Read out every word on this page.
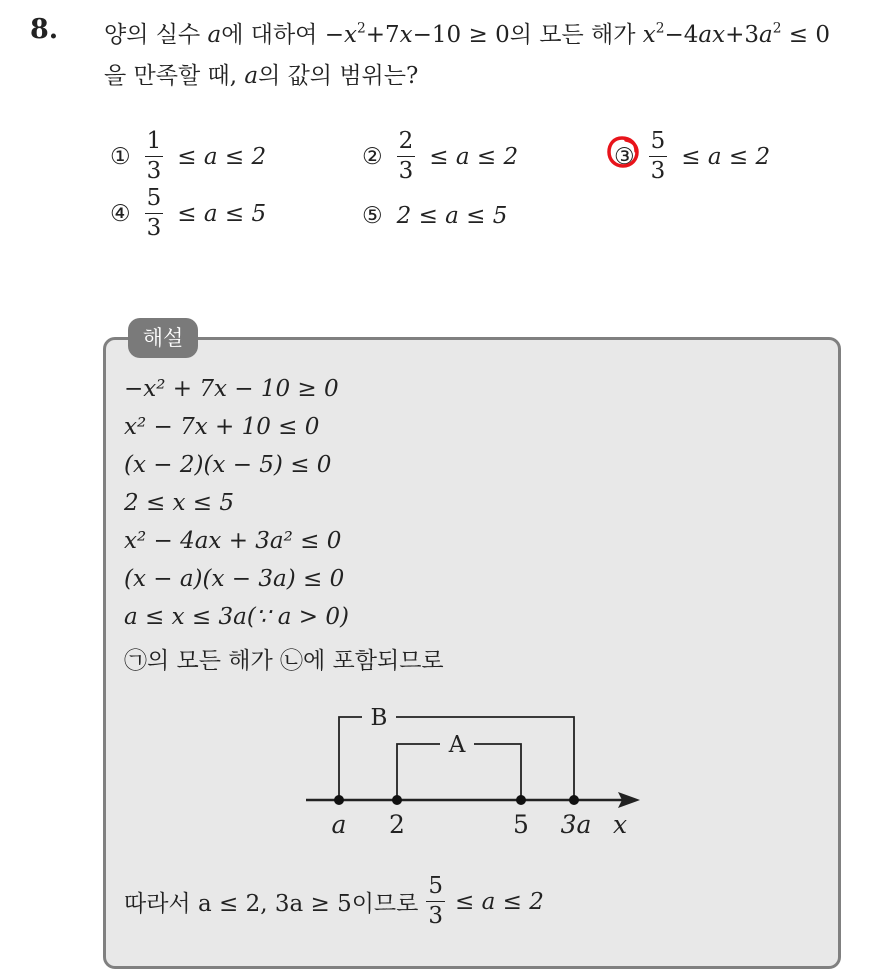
8. 양의 실수 a에 대하여 $-x^2+7x-10 \ge 0$의 모든 해가 $x^2-4ax+3a^2 \le 0$
을 만족할 때, a의 값의 범위는?
① $\frac{1}{3} \le a \le 2$	② $\frac{2}{3} \le a \le 2$	③ $\frac{5}{3} \le a \le 2$
④ $\frac{5}{3} \le a \le 5$	⑤ 2 ≤ a ≤ 5
해설
−x² + 7x − 10 ≥ 0
x² − 7x + 10 ≤ 0
(x − 2)(x − 5) ≤ 0
2 ≤ x ≤ 5
x² − 4ax + 3a² ≤ 0
(x − a)(x − 3a) ≤ 0
a ≤ x ≤ 3a(∵ a > 0)
㉠의 모든 해가 ㉡에 포함되므로
B
A
a 2	5 3a x
따라서 a ≤ 2, 3a ≥ 5이므로 $\frac{5}{3} \le a \le 2$
